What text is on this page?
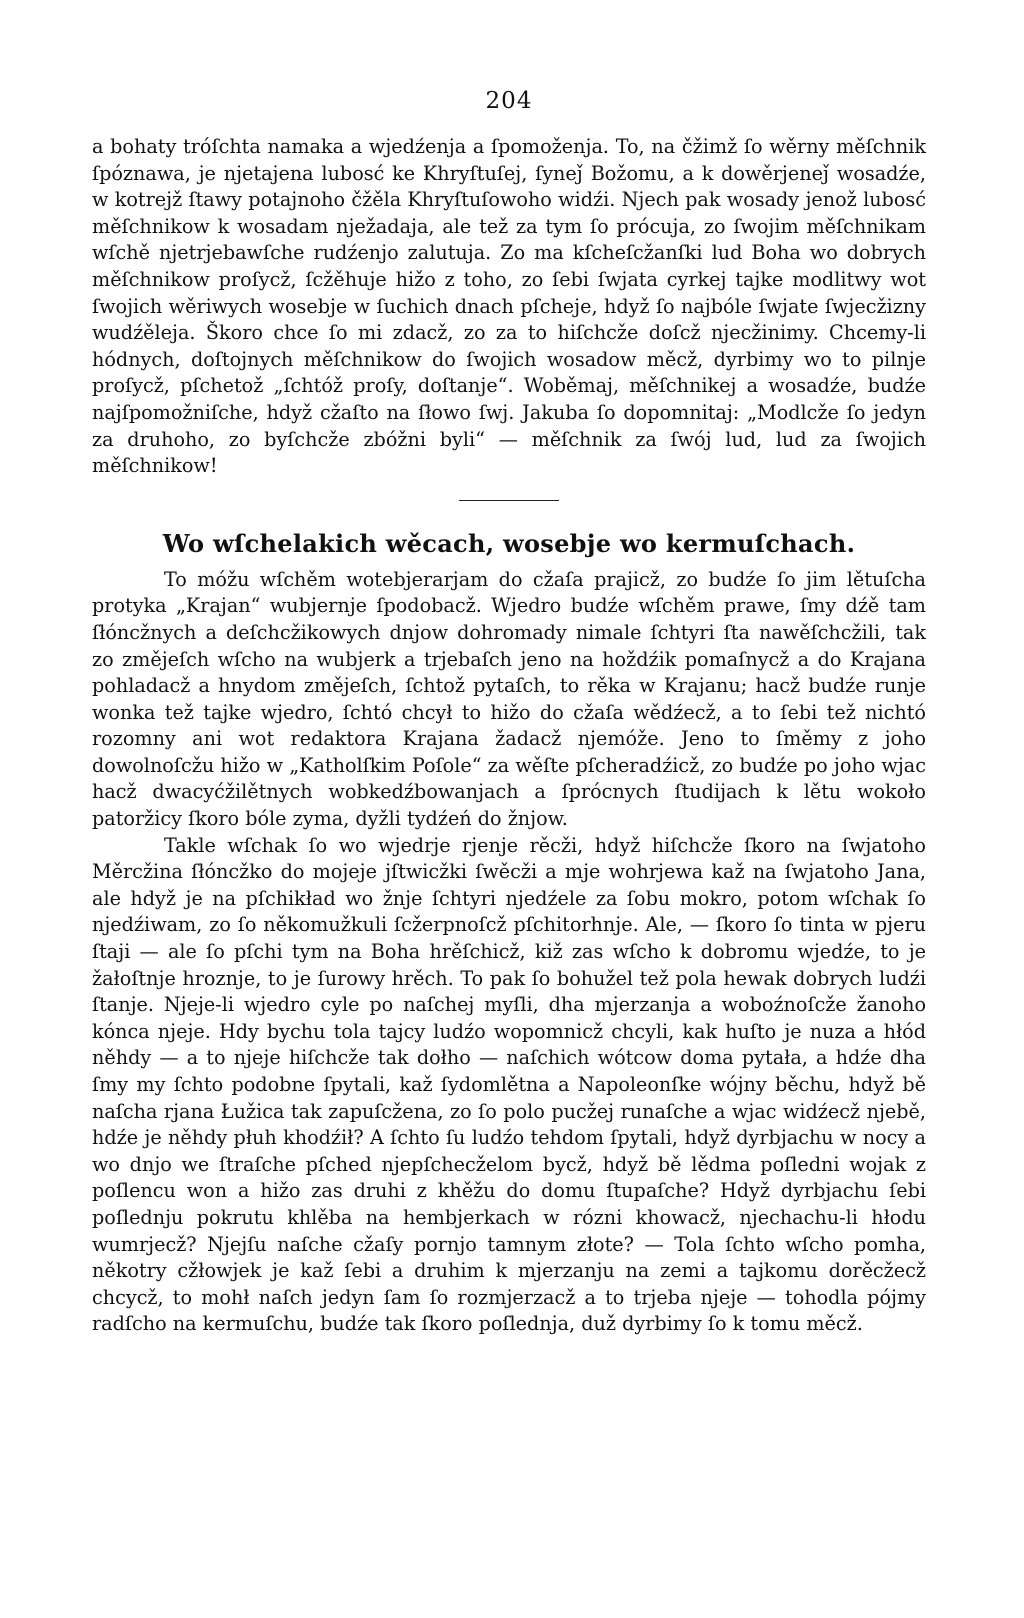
204

a bohaty tróſchta namaka a wjedźenja a ſpomoženja. To, na čžimž ſo wěrny měſchnik ſpóznawa, je njetajena lubosć ke Khryſtuſej, ſyneǰ Božomu, a k dowěrjeneǰ wosadźe, w kotrejž ſtawy potajnoho čžěla Khryſtuſowoho widźi. Njech pak wosady jenož lubosć měſchnikow k wosadam nježadaja, ale tež za tym ſo prócuja, zo ſwojim měſchnikam wſchě njetrjebawſche rudźenjo zalutuja. Zo ma kſcheſcžanſki lud Boha wo dobrych měſchnikow proſycž, ſcžěhuje hižo z toho, zo ſebi ſwjata cyrkej tajke modlitwy wot ſwojich wěriwych wosebje w ſuchich dnach pſcheje, hdyž ſo najbóle ſwjate ſwjecžizny wudźěleja. Škoro chce ſo mi zdacž, zo za to hiſchcže doſcž njecžinimy. Chcemy-li hódnych, doſtojnych měſchnikow do ſwojich wosadow měcž, dyrbimy wo to pilnje proſycž, pſchetož „ſchtóž proſy, doſtanje“. Woběmaj, měſchnikej a wosadźe, budźe najſpomožniſche, hdyž cžaſto na ſłowo ſwj. Jakuba ſo dopomnitaj: „Modlcže ſo jedyn za druhoho, zo byſchcže zbóžni byli“ — měſchnik za ſwój lud, lud za ſwojich měſchnikow!

Wo wſchelakich wěcach, wosebje wo kermuſchach.

To móžu wſchěm wotebjerarjam do cžaſa prajicž, zo budźe ſo jim lětuſcha protyka „Krajan“ wubjernje ſpodobacž. Wjedro budźe wſchěm prawe, ſmy dźě tam ſłóncžnych a deſchcžikowych dnjow dohromady nimale ſchtyri ſta nawěſchcžili, tak zo změjeſch wſcho na wubjerk a trjebaſch jeno na hoždźik pomaſnycž a do Krajana pohladacž a hnydom změjeſch, ſchtož pytaſch, to rěka w Krajanu; hacž budźe runje wonka tež tajke wjedro, ſchtó chcył to hižo do cžaſa wědźecž, a to ſebi tež nichtó rozomny ani wot redaktora Krajana žadacž njemóže. Jeno to ſměmy z joho dowolnoſcžu hižo w „Katholſkim Poſole“ za wěſte pſcheradźicž, zo budźe po joho wjac hacž dwacyćžilětnych wobkedźbowanjach a ſprócnych ſtudijach k lětu wokoło patoržicy ſkoro bóle zyma, dyžli tydźeń do žnjow.

Takle wſchak ſo wo wjedrje rjenje rěcži, hdyž hiſchcže ſkoro na ſwjatoho Měrcžina ſłóncžko do mojeje jſtwicžki ſwěcži a mje wohrjewa kaž na ſwjatoho Jana, ale hdyž je na pſchikład wo žnje ſchtyri njedźele za ſobu mokro, potom wſchak ſo njedźiwam, zo ſo někomužkuli ſcžerpnoſcž pſchitorhnje. Ale, — ſkoro ſo tinta w pjeru ſtaji — ale ſo pſchi tym na Boha hrěſchicž, kiž zas wſcho k dobromu wjedźe, to je žałoſtnje hroznje, to je ſurowy hrěch. To pak ſo bohužel tež pola hewak dobrych ludźi ſtanje. Njeje-li wjedro cyle po naſchej myſli, dha mjerzanja a woboźnoſcže žanoho kónca njeje. Hdy bychu tola tajcy ludźo wopomnicž chcyli, kak huſto je nuza a hłód něhdy — a to njeje hiſchcže tak dołho — naſchich wótcow doma pytała, a hdźe dha ſmy my ſchto podobne ſpytali, kaž ſydomlětna a Napoleonſke wójny běchu, hdyž bě naſcha rjana Łužica tak zapuſcžena, zo ſo polo pucžej runaſche a wjac widźecž njebě, hdźe je něhdy płuh khodźił? A ſchto ſu ludźo tehdom ſpytali, hdyž dyrbjachu w nocy a wo dnjo we ſtraſche pſched njepſchecželom bycž, hdyž bě lědma poſledni wojak z poſlencu won a hižo zas druhi z khěžu do domu ſtupaſche? Hdyž dyrbjachu ſebi poſlednju pokrutu khlěba na hembjerkach w rózni khowacž, njechachu-li hłodu wumrjecž? Njejſu naſche cžaſy pornjo tamnym złote? — Tola ſchto wſcho pomha, někotry cžłowjek je kaž ſebi a druhim k mjerzanju na zemi a tajkomu dorěcžecž chcycž, to mohł naſch jedyn ſam ſo rozmjerzacž a to trjeba njeje — tohodla pójmy radſcho na kermuſchu, budźe tak ſkoro poſlednja, duž dyrbimy ſo k tomu měcž.
